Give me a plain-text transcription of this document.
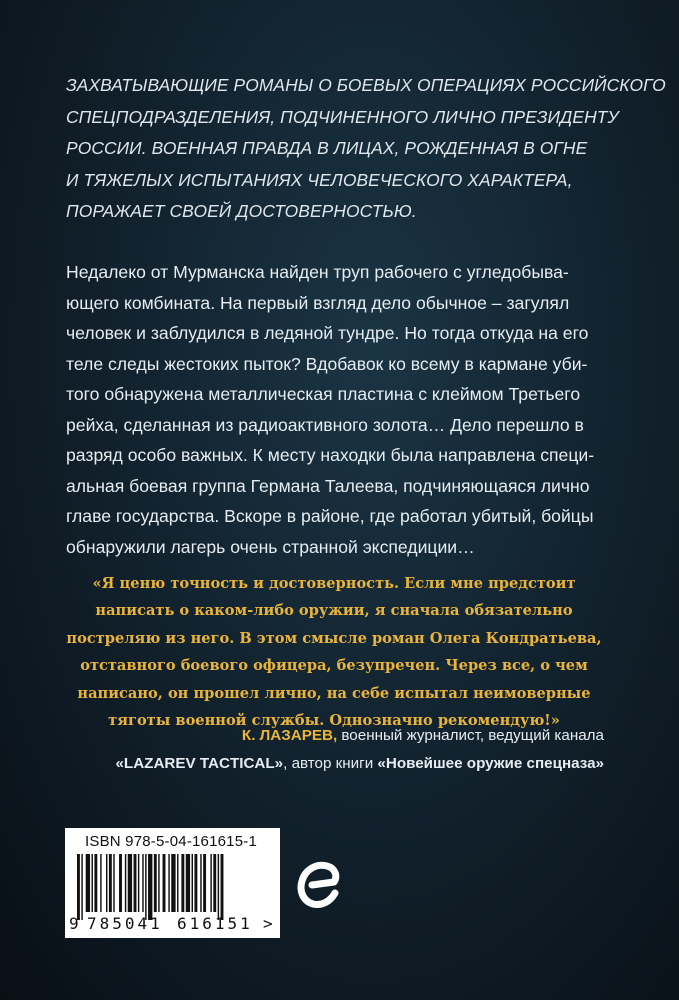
ЗАХВАТЫВАЮЩИЕ РОМАНЫ О БОЕВЫХ ОПЕРАЦИЯХ РОССИЙСКОГО
СПЕЦПОДРАЗДЕЛЕНИЯ, ПОДЧИНЕННОГО ЛИЧНО ПРЕЗИДЕНТУ
РОССИИ. ВОЕННАЯ ПРАВДА В ЛИЦАХ, РОЖДЕННАЯ В ОГНЕ
И ТЯЖЕЛЫХ ИСПЫТАНИЯХ ЧЕЛОВЕЧЕСКОГО ХАРАКТЕРА,
ПОРАЖАЕТ СВОЕЙ ДОСТОВЕРНОСТЬЮ.
Недалеко от Мурманска найден труп рабочего с угледобыва-
ющего комбината. На первый взгляд дело обычное – загулял
человек и заблудился в ледяной тундре. Но тогда откуда на его
теле следы жестоких пыток? Вдобавок ко всему в кармане уби-
того обнаружена металлическая пластина с клеймом Третьего
рейха, сделанная из радиоактивного золота… Дело перешло в
разряд особо важных. К месту находки была направлена специ-
альная боевая группа Германа Талеева, подчиняющаяся лично
главе государства. Вскоре в районе, где работал убитый, бойцы
обнаружили лагерь очень странной экспедиции…
«Я ценю точность и достоверность. Если мне предстоит
написать о каком-либо оружии, я сначала обязательно
постреляю из него. В этом смысле роман Олега Кондратьева,
отставного боевого офицера, безупречен. Через все, о чем
написано, он прошел лично, на себе испытал неимоверные
тяготы военной службы. Однозначно рекомендую!»
К. ЛАЗАРЕВ, военный журналист, ведущий канала
«LAZAREV TACTICAL», автор книги «Новейшее оружие спецназа»
ISBN 978-5-04-161615-1
9 785041 616151 >
